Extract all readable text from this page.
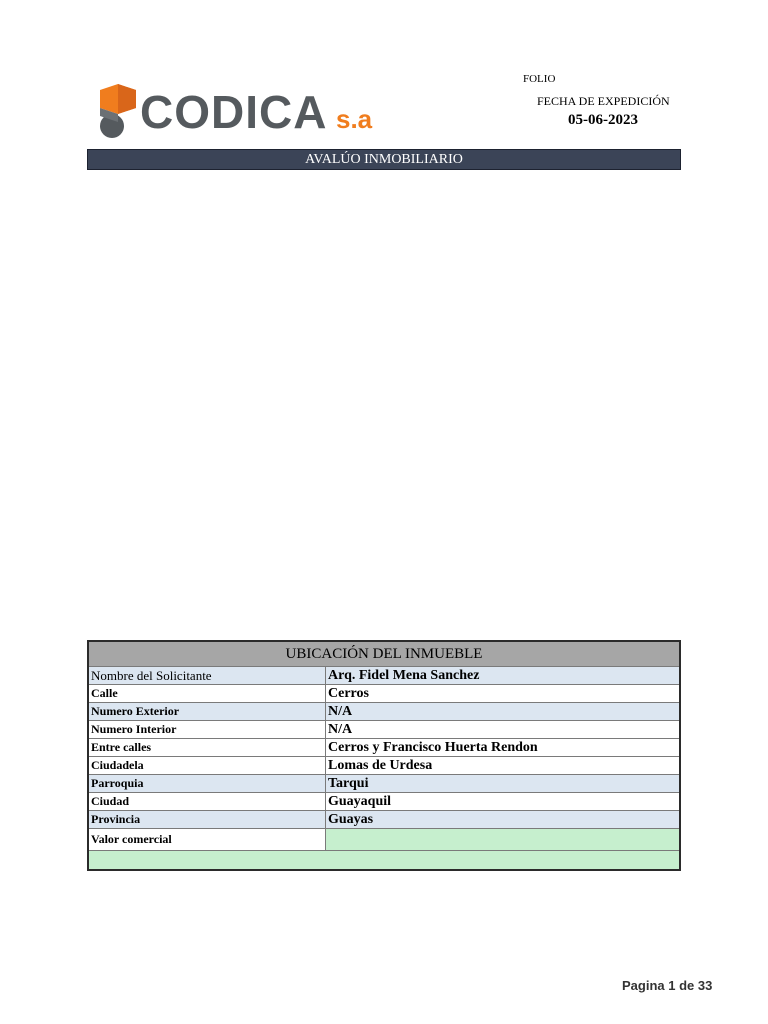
CODICA s.a
FOLIO
FECHA DE EXPEDICIÓN
05-06-2023
AVALÚO INMOBILIARIO
UBICACIÓN DEL INMUEBLE	
Nombre del Solicitante	Arq. Fidel Mena Sanchez
Calle	Cerros
Numero Exterior	N/A
Numero Interior	N/A
Entre calles	Cerros y Francisco Huerta Rendon
Ciudadela	Lomas de Urdesa
Parroquia	Tarqui
Ciudad	Guayaquil
Provincia	Guayas
Valor comercial	

Pagina 1 de 33
